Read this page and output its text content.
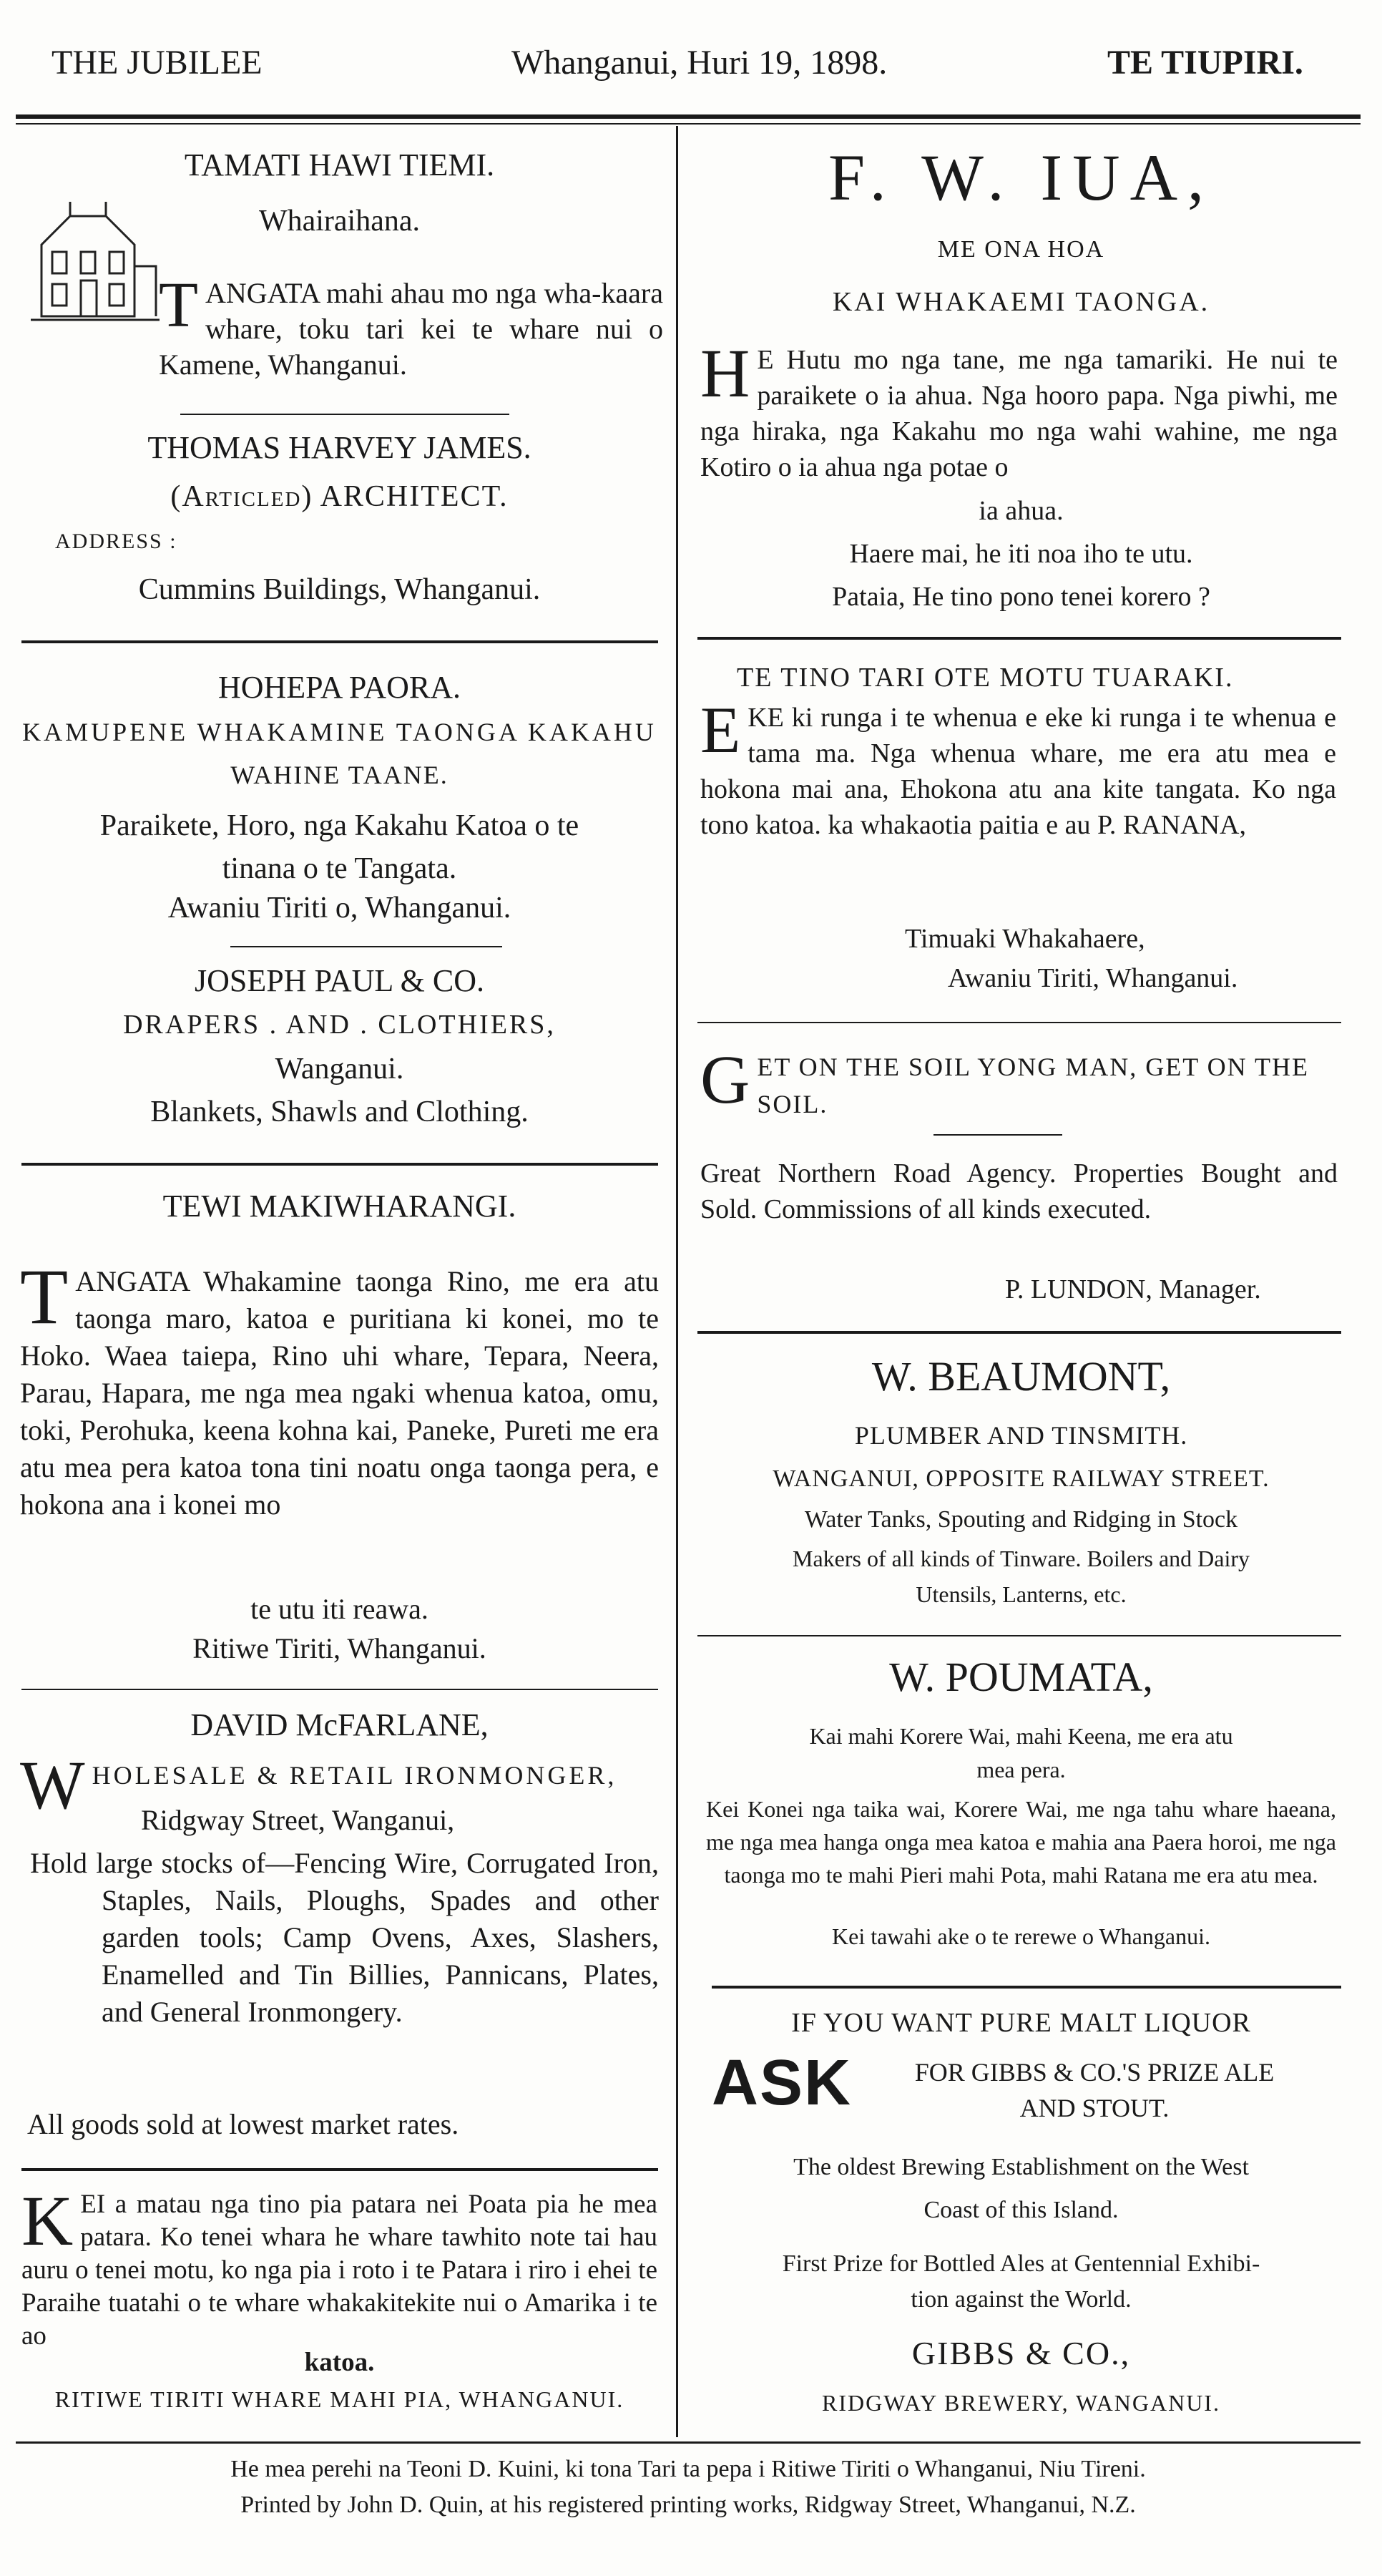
THE JUBILEE	Whanganui, Huri 19, 1898.	TE TIUPIRI.
TAMATI HAWI TIEMI.
Whairaihana.
TANGATA mahi ahau mo nga wha-kaara whare, toku tari kei te whare nui o Kamene, Whanganui.
THOMAS HARVEY JAMES.
(Articled) ARCHITECT.
ADDRESS :
Cummins Buildings, Whanganui.
HOHEPA PAORA.
KAMUPENE WHAKAMINE TAONGA KAKAHU
WAHINE TAANE.
Paraikete, Horo, nga Kakahu Katoa o te
tinana o te Tangata.
Awaniu Tiriti o, Whanganui.
JOSEPH PAUL & CO.
DRAPERS . AND . CLOTHIERS,
Wanganui.
Blankets, Shawls and Clothing.
TEWI MAKIWHARANGI.
TANGATA Whakamine taonga Rino, me era atu taonga maro, katoa e puritiana ki konei, mo te Hoko. Waea taiepa, Rino uhi whare, Tepara, Neera, Parau, Hapara, me nga mea ngaki whenua katoa, omu, toki, Perohuka, keena kohna kai, Paneke, Pureti me era atu mea pera katoa tona tini noatu onga taonga pera, e hokona ana i konei mo
te utu iti reawa.
Ritiwe Tiriti, Whanganui.
DAVID McFARLANE,
WHOLESALE & RETAIL IRONMONGER,
Ridgway Street, Wanganui,
Hold large stocks of—Fencing Wire, Corrugated Iron, Staples, Nails, Ploughs, Spades and other garden tools; Camp Ovens, Axes, Slashers, Enamelled and Tin Billies, Pannicans, Plates, and General Ironmongery.
All goods sold at lowest market rates.
KEI a matau nga tino pia patara nei Poata pia he mea patara. Ko tenei whara he whare tawhito note tai hau auru o tenei motu, ko nga pia i roto i te Patara i riro i ehei te Paraihe tuatahi o te whare whakakitekite nui o Amarika i te ao
katoa.
RITIWE TIRITI WHARE MAHI PIA, WHANGANUI.
F. W. IUA,
ME ONA HOA
KAI WHAKAEMI TAONGA.
H E Hutu mo nga tane, me nga tamariki. He nui te paraikete o ia ahua. Nga hooro papa. Nga piwhi, me nga hiraka, nga Kakahu mo nga wahi wahine, me nga Kotiro o ia ahua nga potae o
ia ahua.
Haere mai, he iti noa iho te utu.
Pataia, He tino pono tenei korero ?
TE TINO TARI OTE MOTU TUARAKI.
EKE ki runga i te whenua e eke ki runga i te whenua e tama ma. Nga whenua whare, me era atu mea e hokona mai ana, Ehokona atu ana kite tangata. Ko nga tono katoa. ka whakaotia paitia e au P. RANANA,
Timuaki Whakahaere,
Awaniu Tiriti, Whanganui.
GET ON THE SOIL YONG MAN, GET ON THE
SOIL.
Great Northern Road Agency. Properties Bought and Sold. Commissions of all kinds executed.
P. LUNDON, Manager.
W. BEAUMONT,
PLUMBER AND TINSMITH.
WANGANUI, OPPOSITE RAILWAY STREET.
Water Tanks, Spouting and Ridging in Stock
Makers of all kinds of Tinware. Boilers and Dairy
Utensils, Lanterns, etc.
W. POUMATA,
Kai mahi Korere Wai, mahi Keena, me era atu
mea pera.
Kei Konei nga taika wai, Korere Wai, me nga tahu whare haeana, me nga mea hanga onga mea katoa e mahia ana Paera horoi, me nga taonga mo te mahi Pieri mahi Pota, mahi Ratana me era atu mea.
Kei tawahi ake o te rerewe o Whanganui.
IF YOU WANT PURE MALT LIQUOR
ASK	FOR GIBBS & CO.'S PRIZE ALE
AND STOUT.
The oldest Brewing Establishment on the West
Coast of this Island.
First Prize for Bottled Ales at Gentennial Exhibi-
tion against the World.
GIBBS & CO.,
RIDGWAY BREWERY, WANGANUI.
He mea perehi na Teoni D. Kuini, ki tona Tari ta pepa i Ritiwe Tiriti o Whanganui, Niu Tireni.
Printed by John D. Quin, at his registered printing works, Ridgway Street, Whanganui, N.Z.
